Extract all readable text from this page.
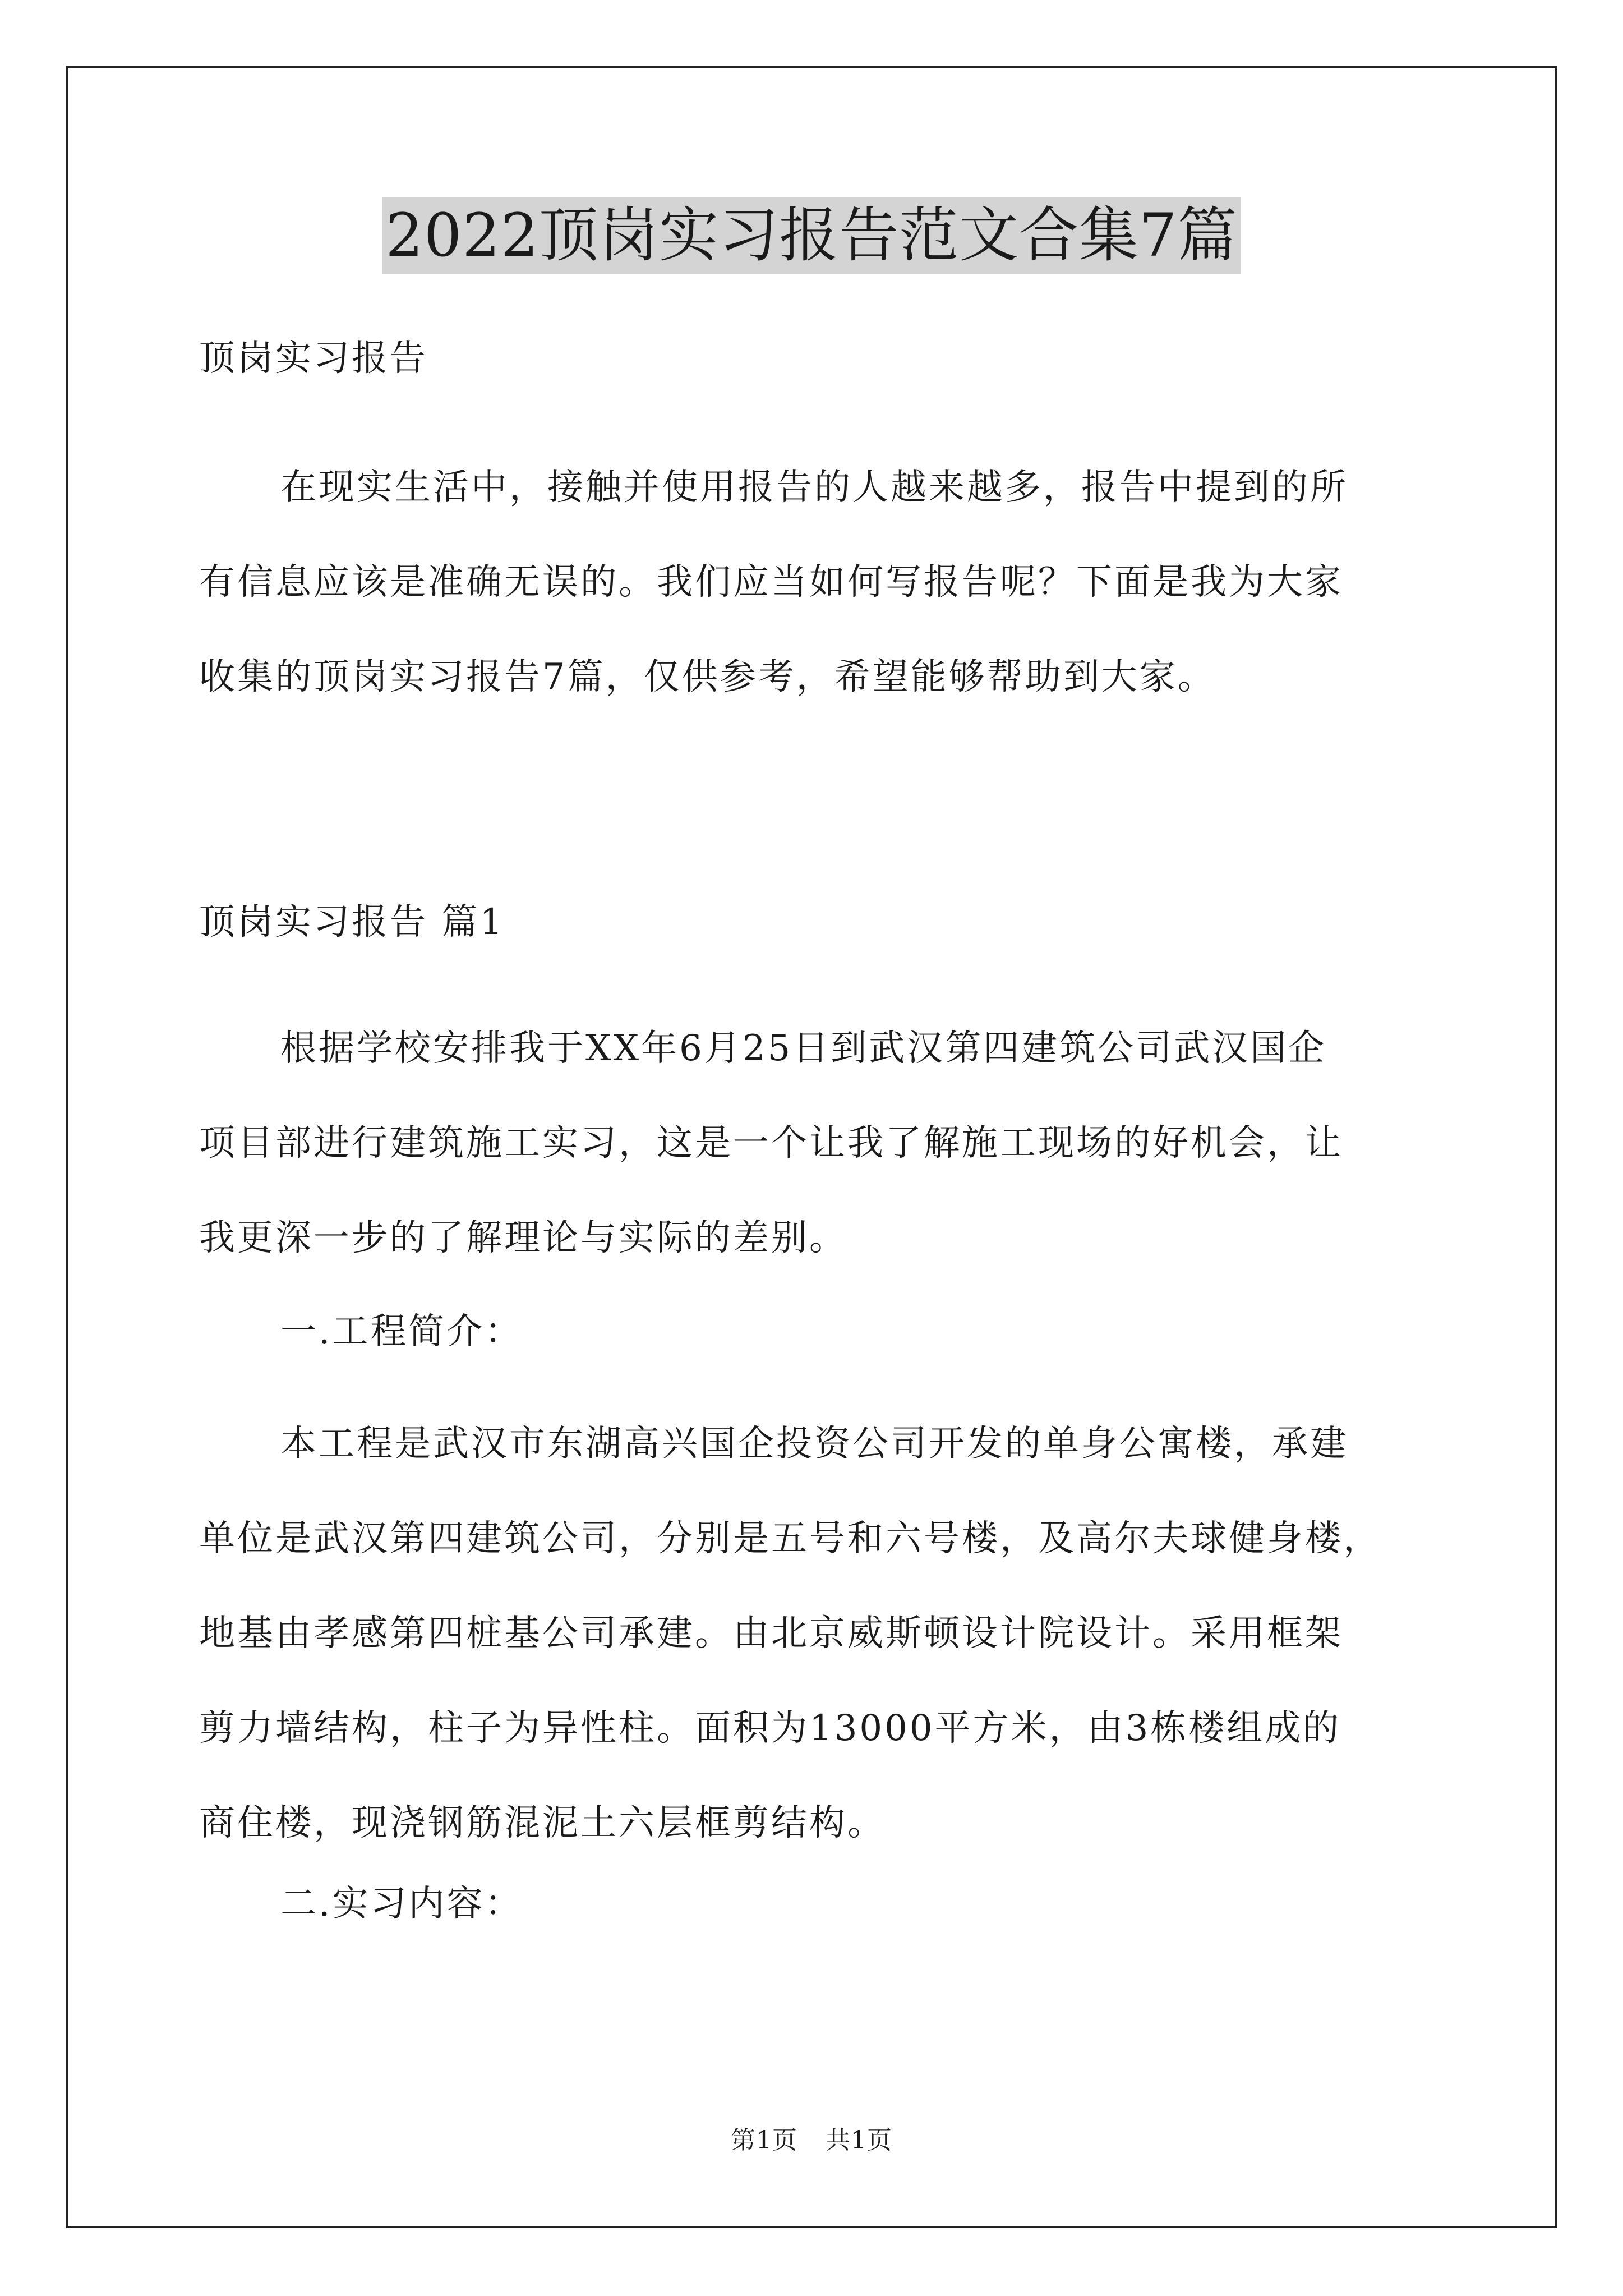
2022顶岗实习报告范文合集7篇

顶岗实习报告

在现实生活中，接触并使用报告的人越来越多，报告中提到的所
有信息应该是准确无误的。我们应当如何写报告呢？下面是我为大家
收集的顶岗实习报告7篇，仅供参考，希望能够帮助到大家。

顶岗实习报告 篇1

根据学校安排我于XX年6月25日到武汉第四建筑公司武汉国企
项目部进行建筑施工实习，这是一个让我了解施工现场的好机会，让
我更深一步的了解理论与实际的差别。

一.工程简介：

本工程是武汉市东湖高兴国企投资公司开发的单身公寓楼，承建
单位是武汉第四建筑公司，分别是五号和六号楼，及高尔夫球健身楼，
地基由孝感第四桩基公司承建。由北京威斯顿设计院设计。采用框架
剪力墙结构，柱子为异性柱。面积为13000平方米，由3栋楼组成的
商住楼，现浇钢筋混泥土六层框剪结构。

二.实习内容：

第1页 共1页
